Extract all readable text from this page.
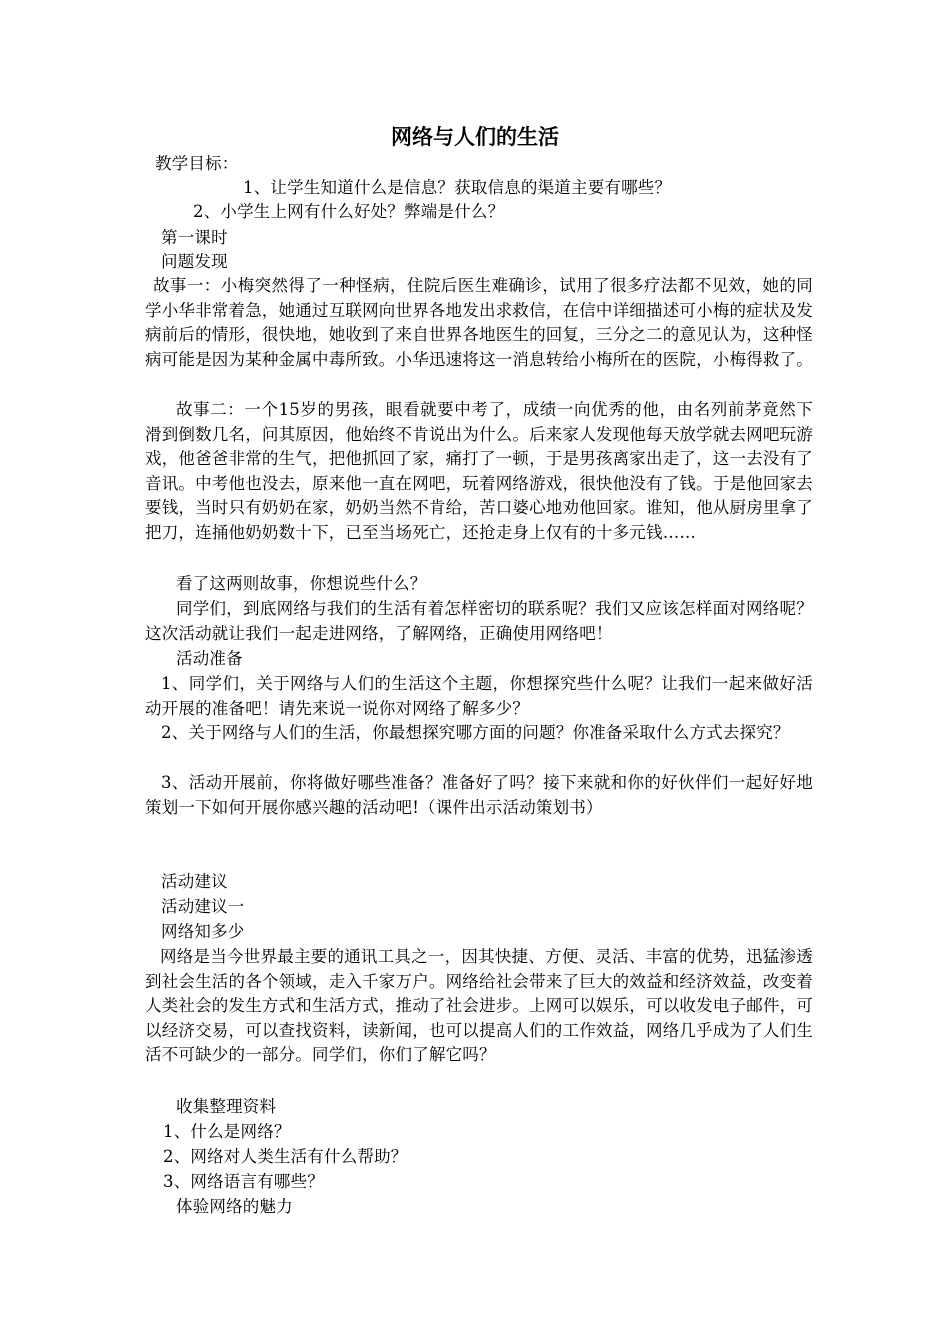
网络与人们的生活
教学目标：
1、让学生知道什么是信息？获取信息的渠道主要有哪些？
2、小学生上网有什么好处？弊端是什么？
第一课时
问题发现
故事一：小梅突然得了一种怪病，住院后医生难确诊，试用了很多疗法都不见效，她的同学小华非常着急，她通过互联网向世界各地发出求救信，在信中详细描述可小梅的症状及发病前后的情形，很快地，她收到了来自世界各地医生的回复，三分之二的意见认为，这种怪病可能是因为某种金属中毒所致。小华迅速将这一消息转给小梅所在的医院，小梅得救了。
故事二：一个15岁的男孩，眼看就要中考了，成绩一向优秀的他，由名列前茅竟然下滑到倒数几名，问其原因，他始终不肯说出为什么。后来家人发现他每天放学就去网吧玩游戏，他爸爸非常的生气，把他抓回了家，痛打了一顿，于是男孩离家出走了，这一去没有了音讯。中考他也没去，原来他一直在网吧，玩着网络游戏，很快他没有了钱。于是他回家去要钱，当时只有奶奶在家，奶奶当然不肯给，苦口婆心地劝他回家。谁知，他从厨房里拿了把刀，连捅他奶奶数十下，已至当场死亡，还抢走身上仅有的十多元钱……
看了这两则故事，你想说些什么？
同学们，到底网络与我们的生活有着怎样密切的联系呢？我们又应该怎样面对网络呢？这次活动就让我们一起走进网络，了解网络，正确使用网络吧！
活动准备
1、同学们，关于网络与人们的生活这个主题，你想探究些什么呢？让我们一起来做好活动开展的准备吧！请先来说一说你对网络了解多少？
2、关于网络与人们的生活，你最想探究哪方面的问题？你准备采取什么方式去探究？
3、活动开展前，你将做好哪些准备？准备好了吗？接下来就和你的好伙伴们一起好好地策划一下如何开展你感兴趣的活动吧!（课件出示活动策划书）
活动建议
活动建议一
网络知多少
网络是当今世界最主要的通讯工具之一，因其快捷、方便、灵活、丰富的优势，迅猛渗透到社会生活的各个领域，走入千家万户。网络给社会带来了巨大的效益和经济效益，改变着人类社会的发生方式和生活方式，推动了社会进步。上网可以娱乐，可以收发电子邮件，可以经济交易，可以查找资料，读新闻，也可以提高人们的工作效益，网络几乎成为了人们生活不可缺少的一部分。同学们，你们了解它吗？
收集整理资料
1、什么是网络？
2、网络对人类生活有什么帮助？
3、网络语言有哪些？
体验网络的魅力
